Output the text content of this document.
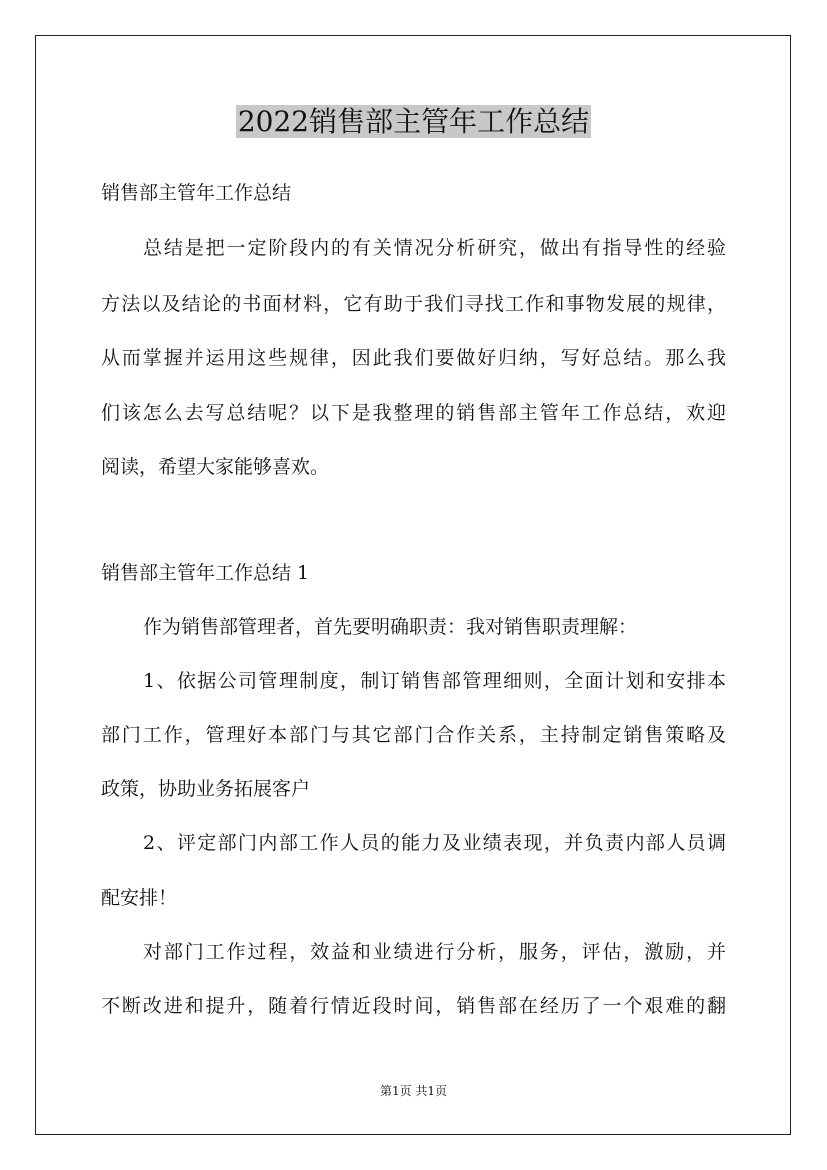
2022销售部主管年工作总结
销售部主管年工作总结
总结是把一定阶段内的有关情况分析研究，做出有指导性的经验
方法以及结论的书面材料，它有助于我们寻找工作和事物发展的规律，
从而掌握并运用这些规律，因此我们要做好归纳，写好总结。那么我
们该怎么去写总结呢？以下是我整理的销售部主管年工作总结，欢迎
阅读，希望大家能够喜欢。
销售部主管年工作总结 1
作为销售部管理者，首先要明确职责：我对销售职责理解：
1、依据公司管理制度，制订销售部管理细则，全面计划和安排本
部门工作，管理好本部门与其它部门合作关系，主持制定销售策略及
政策，协助业务拓展客户
2、评定部门内部工作人员的能力及业绩表现，并负责内部人员调
配安排！
对部门工作过程，效益和业绩进行分析，服务，评估，激励，并
不断改进和提升，随着行情近段时间，销售部在经历了一个艰难的翻
第1页 共1页
